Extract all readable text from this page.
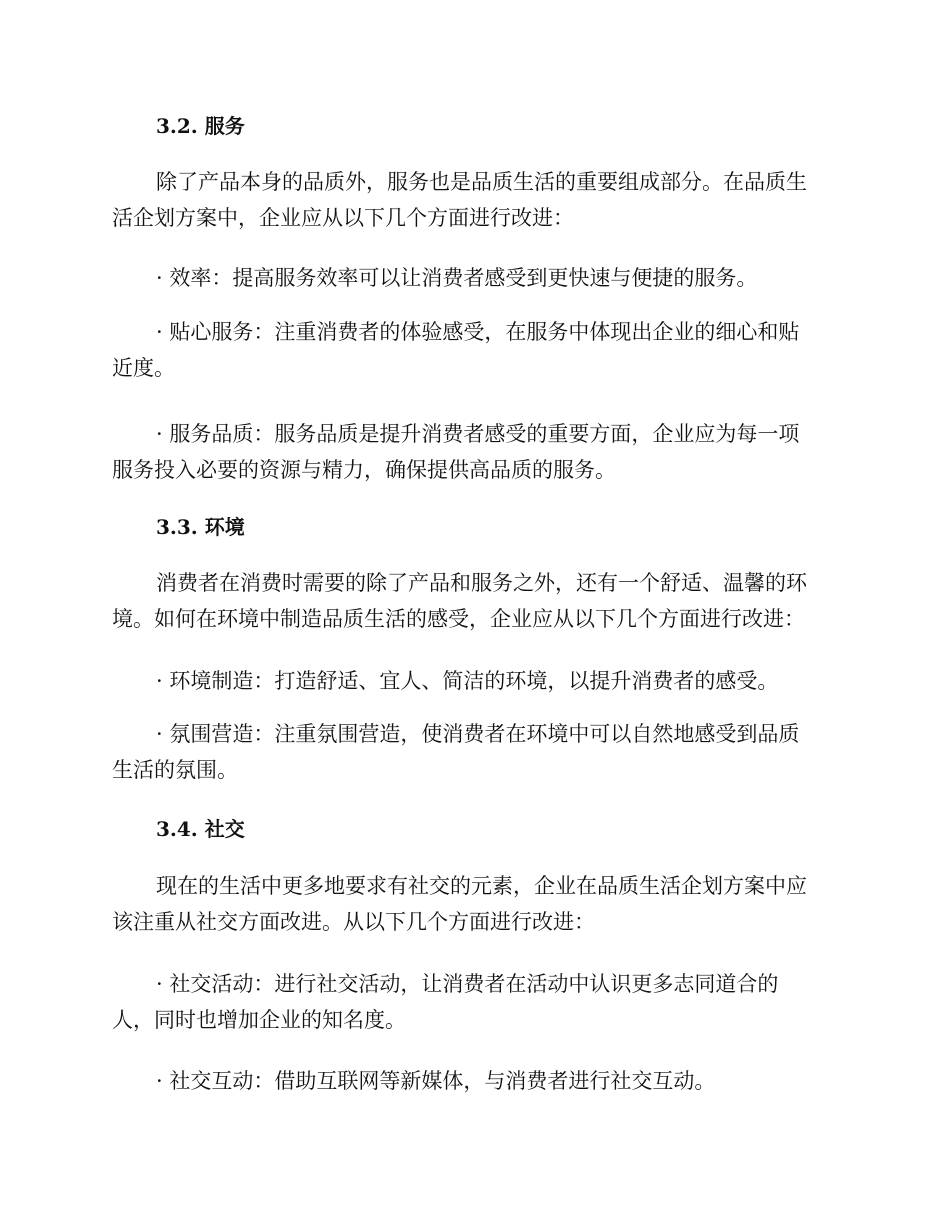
3.2. 服务

除了产品本身的品质外，服务也是品质生活的重要组成部分。在品质生
活企划方案中，企业应从以下几个方面进行改进：

· 效率：提高服务效率可以让消费者感受到更快速与便捷的服务。

· 贴心服务：注重消费者的体验感受，在服务中体现出企业的细心和贴
近度。

· 服务品质：服务品质是提升消费者感受的重要方面，企业应为每一项
服务投入必要的资源与精力，确保提供高品质的服务。

3.3. 环境

消费者在消费时需要的除了产品和服务之外，还有一个舒适、温馨的环
境。如何在环境中制造品质生活的感受，企业应从以下几个方面进行改进：

· 环境制造：打造舒适、宜人、简洁的环境，以提升消费者的感受。

· 氛围营造：注重氛围营造，使消费者在环境中可以自然地感受到品质
生活的氛围。

3.4. 社交

现在的生活中更多地要求有社交的元素，企业在品质生活企划方案中应
该注重从社交方面改进。从以下几个方面进行改进：

· 社交活动：进行社交活动，让消费者在活动中认识更多志同道合的
人，同时也增加企业的知名度。

· 社交互动：借助互联网等新媒体，与消费者进行社交互动。
